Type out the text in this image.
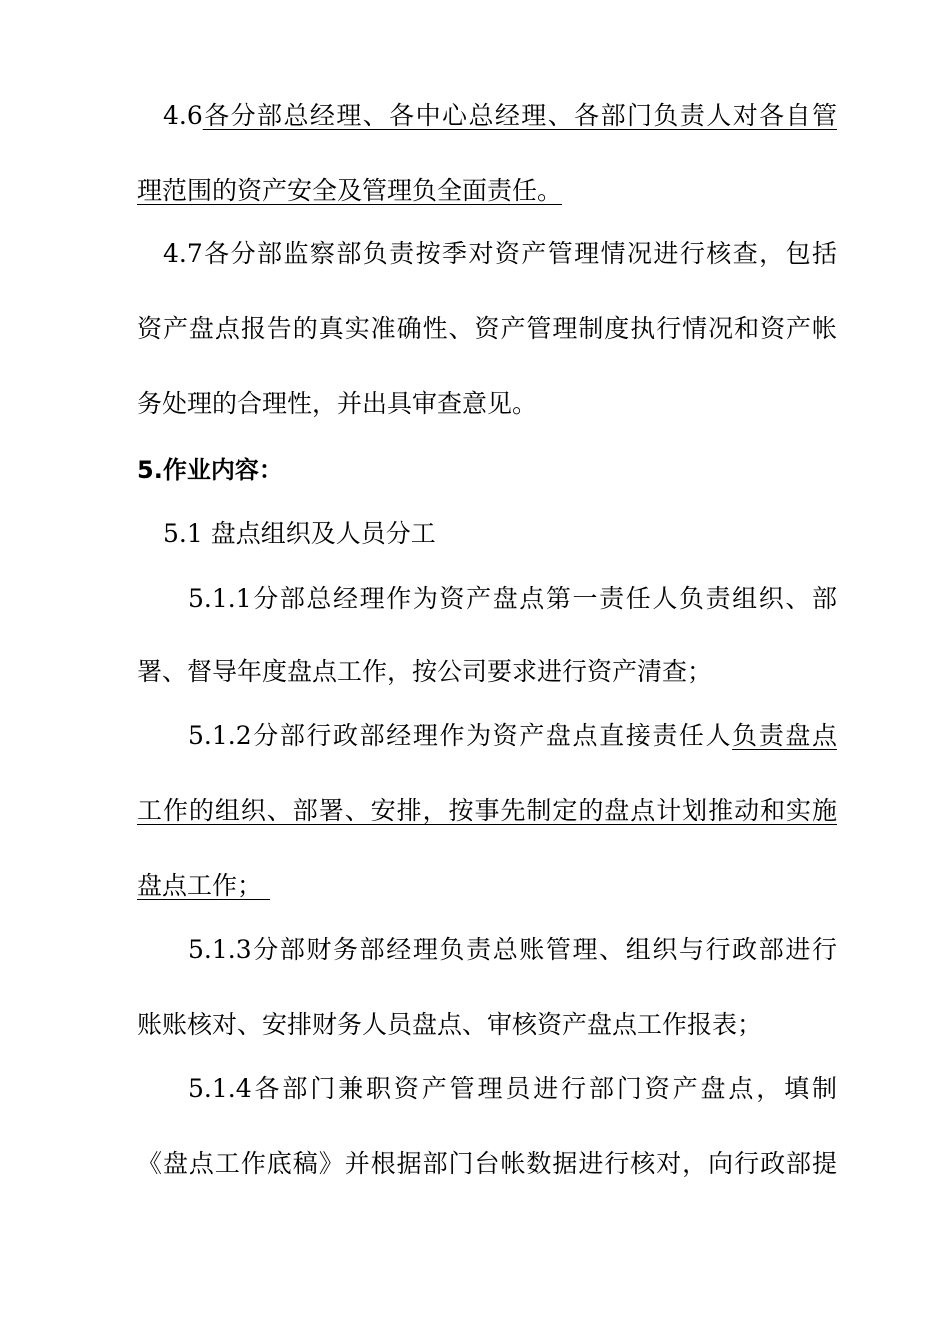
4.6各分部总经理、各中心总经理、各部门负责人对各自管
理范围的资产安全及管理负全面责任。
4.7各分部监察部负责按季对资产管理情况进行核查，包括
资产盘点报告的真实准确性、资产管理制度执行情况和资产帐
务处理的合理性，并出具审查意见。
5.作业内容：
5.1 盘点组织及人员分工
5.1.1分部总经理作为资产盘点第一责任人负责组织、部
署、督导年度盘点工作，按公司要求进行资产清查；
5.1.2分部行政部经理作为资产盘点直接责任人负责盘点
工作的组织、部署、安排，按事先制定的盘点计划推动和实施
盘点工作；
5.1.3分部财务部经理负责总账管理、组织与行政部进行
账账核对、安排财务人员盘点、审核资产盘点工作报表；
5.1.4各部门兼职资产管理员进行部门资产盘点，填制
《盘点工作底稿》并根据部门台帐数据进行核对，向行政部提
